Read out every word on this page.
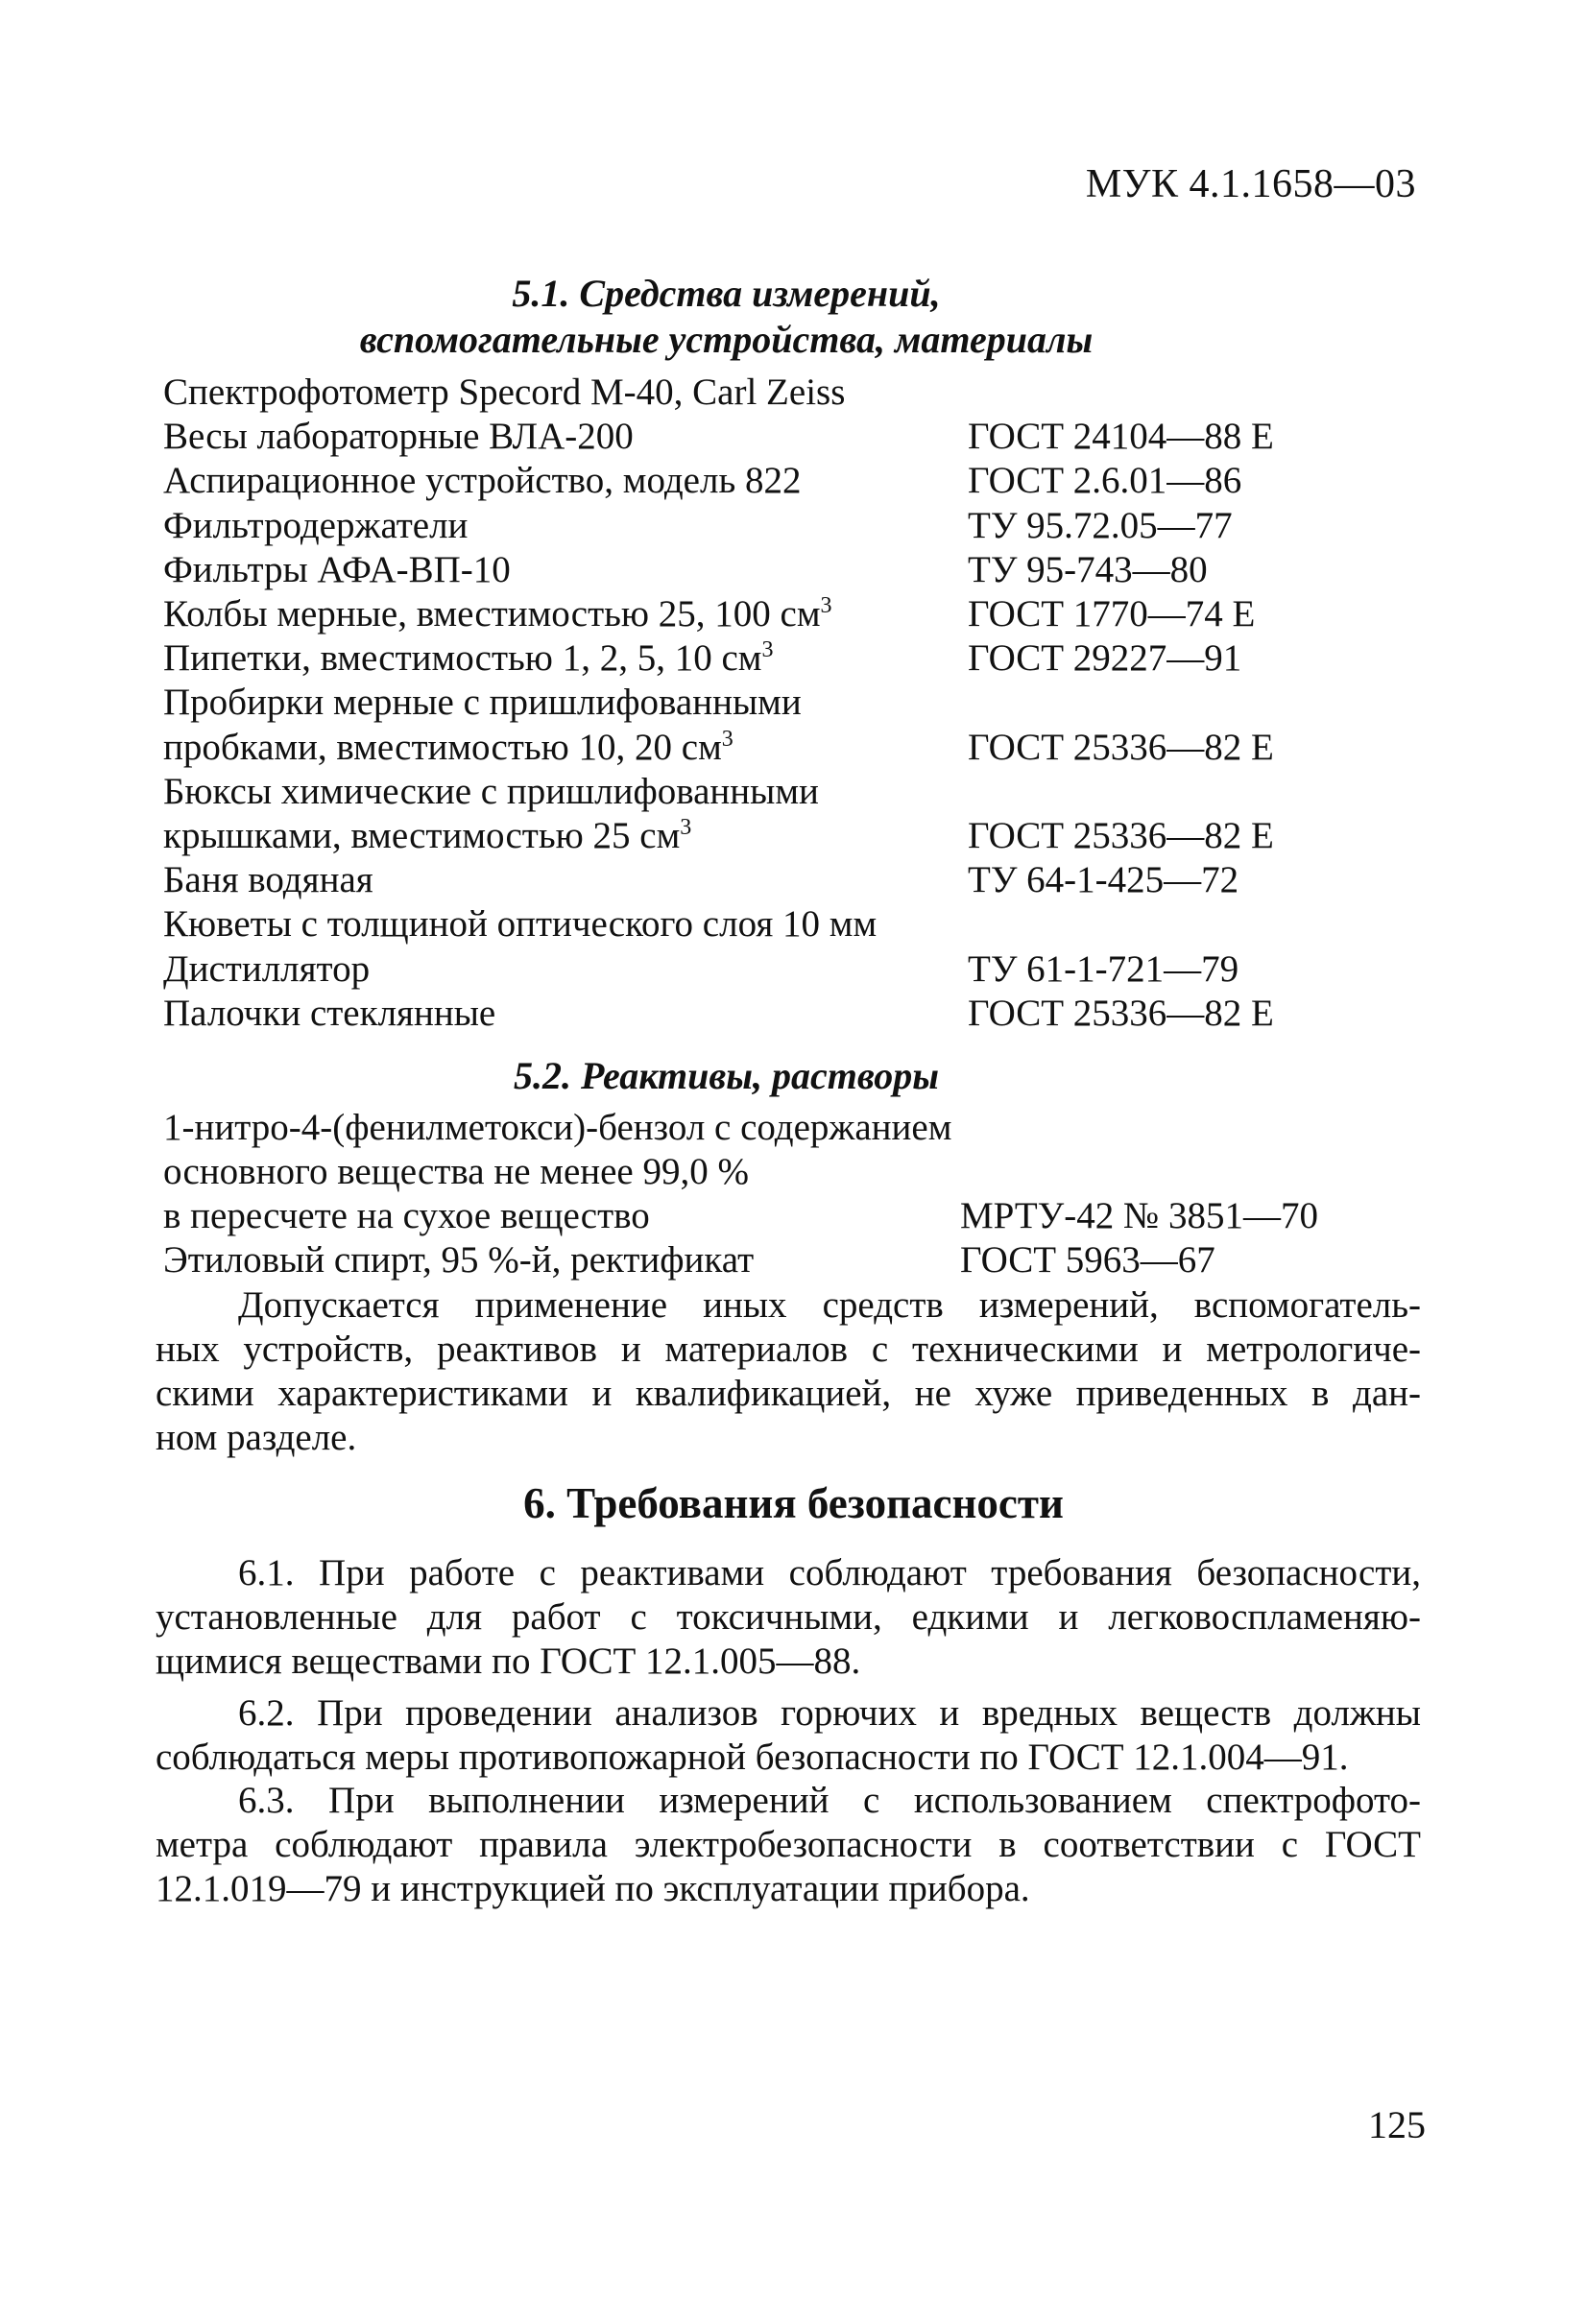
МУК 4.1.1658—03
5.1. Средства измерений,
вспомогательные устройства, материалы
Спектрофотометр Specord M-40, Carl Zeiss
Весы лабораторные ВЛА-200	ГОСТ 24104—88 Е
Аспирационное устройство, модель 822	ГОСТ 2.6.01—86
Фильтродержатели	ТУ 95.72.05—77
Фильтры АФА-ВП-10	ТУ 95-743—80
Колбы мерные, вместимостью 25, 100 $см^3$	ГОСТ 1770—74 Е
Пипетки, вместимостью 1, 2, 5, 10 $см^3$	ГОСТ 29227—91
Пробирки мерные с пришлифованными
пробками, вместимостью 10, 20 $см^3$	ГОСТ 25336—82 Е
Бюксы химические с пришлифованными
крышками, вместимостью 25 $см^3$	ГОСТ 25336—82 Е
Баня водяная	ТУ 64-1-425—72
Кюветы с толщиной оптического слоя 10 мм
Дистиллятор	ТУ 61-1-721—79
Палочки стеклянные	ГОСТ 25336—82 Е
5.2. Реактивы, растворы
1-нитро-4-(фенилметокси)-бензол с содержанием
основного вещества не менее 99,0 %
в пересчете на сухое вещество	МРТУ-42 № 3851—70
Этиловый спирт, 95 %-й, ректификат	ГОСТ 5963—67
Допускается применение иных средств измерений, вспомогатель-
ных устройств, реактивов и материалов с техническими и метрологиче-
скими характеристиками и квалификацией, не хуже приведенных в дан-
ном разделе.
6. Требования безопасности
6.1. При работе с реактивами соблюдают требования безопасности,
установленные для работ с токсичными, едкими и легковоспламеняю-
щимися веществами по ГОСТ 12.1.005—88.
6.2. При проведении анализов горючих и вредных веществ должны
соблюдаться меры противопожарной безопасности по ГОСТ 12.1.004—91.
6.3. При выполнении измерений с использованием спектрофото-
метра соблюдают правила электробезопасности в соответствии с ГОСТ
12.1.019—79 и инструкцией по эксплуатации прибора.
125
